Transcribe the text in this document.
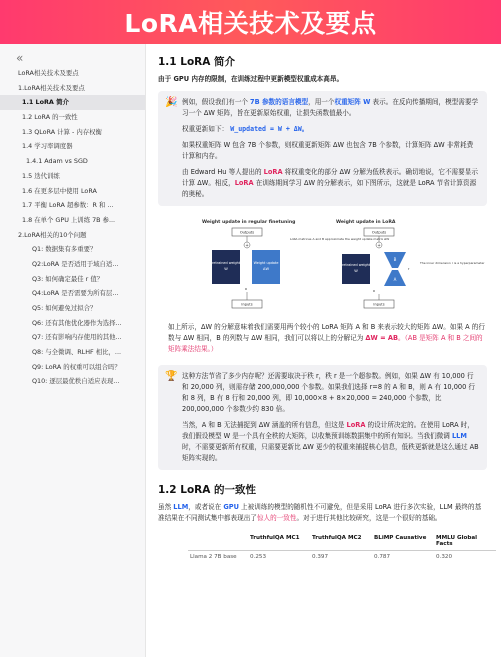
LoRA相关技术及要点
«
LoRA相关技术及要点
1.LoRA相关技术及要点
1.1 LoRA 简介
1.2 LoRA 的一致性
1.3 QLoRA 计算 - 内存权衡
1.4 学习率调度器
1.4.1 Adam vs SGD
1.5 迭代训练
1.6 在更多层中使用 LoRA
1.7 平衡 LoRA 超参数：R 和 ...
1.8 在单个 GPU 上训练 7B 参...
2.LoRA相关的10个问题
Q1: 数据集有多重要？
Q2:LoRA 是否适用于域自适...
Q3: 如何确定最佳 r 值？
Q4:LoRA 是否需要为所有层...
Q5: 如何避免过拟合？
Q6: 还有其他优化器作为选择...
Q7: 还有影响内存使用的其他...
Q8: 与全微调、RLHF 相比，...
Q9: LoRA 的权重可以组合吗？
Q10: 逐层最优秩自适应表现...
1.1 LoRA 简介
由于 GPU 内存的限制，在训练过程中更新模型权重成本高昂。
🎉 例如，假设我们有一个 7B 参数的语言模型，用一个权重矩阵 W 表示。在反向传播期间，模型需要学习一个 ΔW 矩阵，旨在更新原始权重，让损失函数值最小。
权重更新如下： W_updated = W + ΔW。
如果权重矩阵 W 包含 7B 个参数，则权重更新矩阵 ΔW 也包含 7B 个参数，计算矩阵 ΔW 非常耗费计算和内存。
由 Edward Hu 等人提出的 LoRA 将权重变化的部分 ΔW 分解为低秩表示。确切地说，它不需要显示计算 ΔW。相反，LoRA 在训练期间学习 ΔW 的分解表示，如下图所示，这就是 LoRA 节省计算资源的奥秘。
Weight update in regular finetuning	Weight update in LoRA
Outputs
+
Pretrained weights
W
Weight update
ΔW
x
Inputs
LoRA matrices A and B approximate the weight update matrix ΔW
Outputs
+
Pretrained weights
W
B
A
r
The inner dimension r is a hyperparameter
x
Inputs
如上所示，ΔW 的分解意味着我们需要用两个较小的 LoRA 矩阵 A 和 B 来表示较大的矩阵 ΔW。如果 A 的行数与 ΔW 相同，B 的列数与 ΔW 相同，我们可以将以上的分解记为 ΔW = AB。（AB 是矩阵 A 和 B 之间的矩阵乘法结果。）
🏆 这种方法节省了多少内存呢？还需要取决于秩 r，秩 r 是一个超参数。例如，如果 ΔW 有 10,000 行和 20,000 列，则需存储 200,000,000 个参数。如果我们选择 r=8 的 A 和 B，则 A 有 10,000 行和 8 列，B 有 8 行和 20,000 列，即 10,000×8 + 8×20,000 = 240,000 个参数，比 200,000,000 个参数少约 830 倍。
当然，A 和 B 无法捕捉到 ΔW 涵盖的所有信息，但这是 LoRA 的设计所决定的。在使用 LoRA 时，我们假设模型 W 是一个具有全秩的大矩阵，以收集预训练数据集中的所有知识。当我们微调 LLM 时，不需要更新所有权重，只需要更新比 ΔW 更少的权重来捕捉核心信息，低秩更新就是这么通过 AB 矩阵实现的。
1.2 LoRA 的一致性
虽然 LLM，或者说在 GPU 上被训练的模型的随机性不可避免，但是采用 LoRA 进行多次实验，LLM 最终的基准结果在不同测试集中都表现出了惊人的一致性。对于进行其他比较研究，这是一个很好的基础。
TruthfulQA MC1	TruthfulQA MC2	BLiMP Causative	MMLU Global Facts
Llama 2 7B base	0.253	0.397	0.787	0.320
